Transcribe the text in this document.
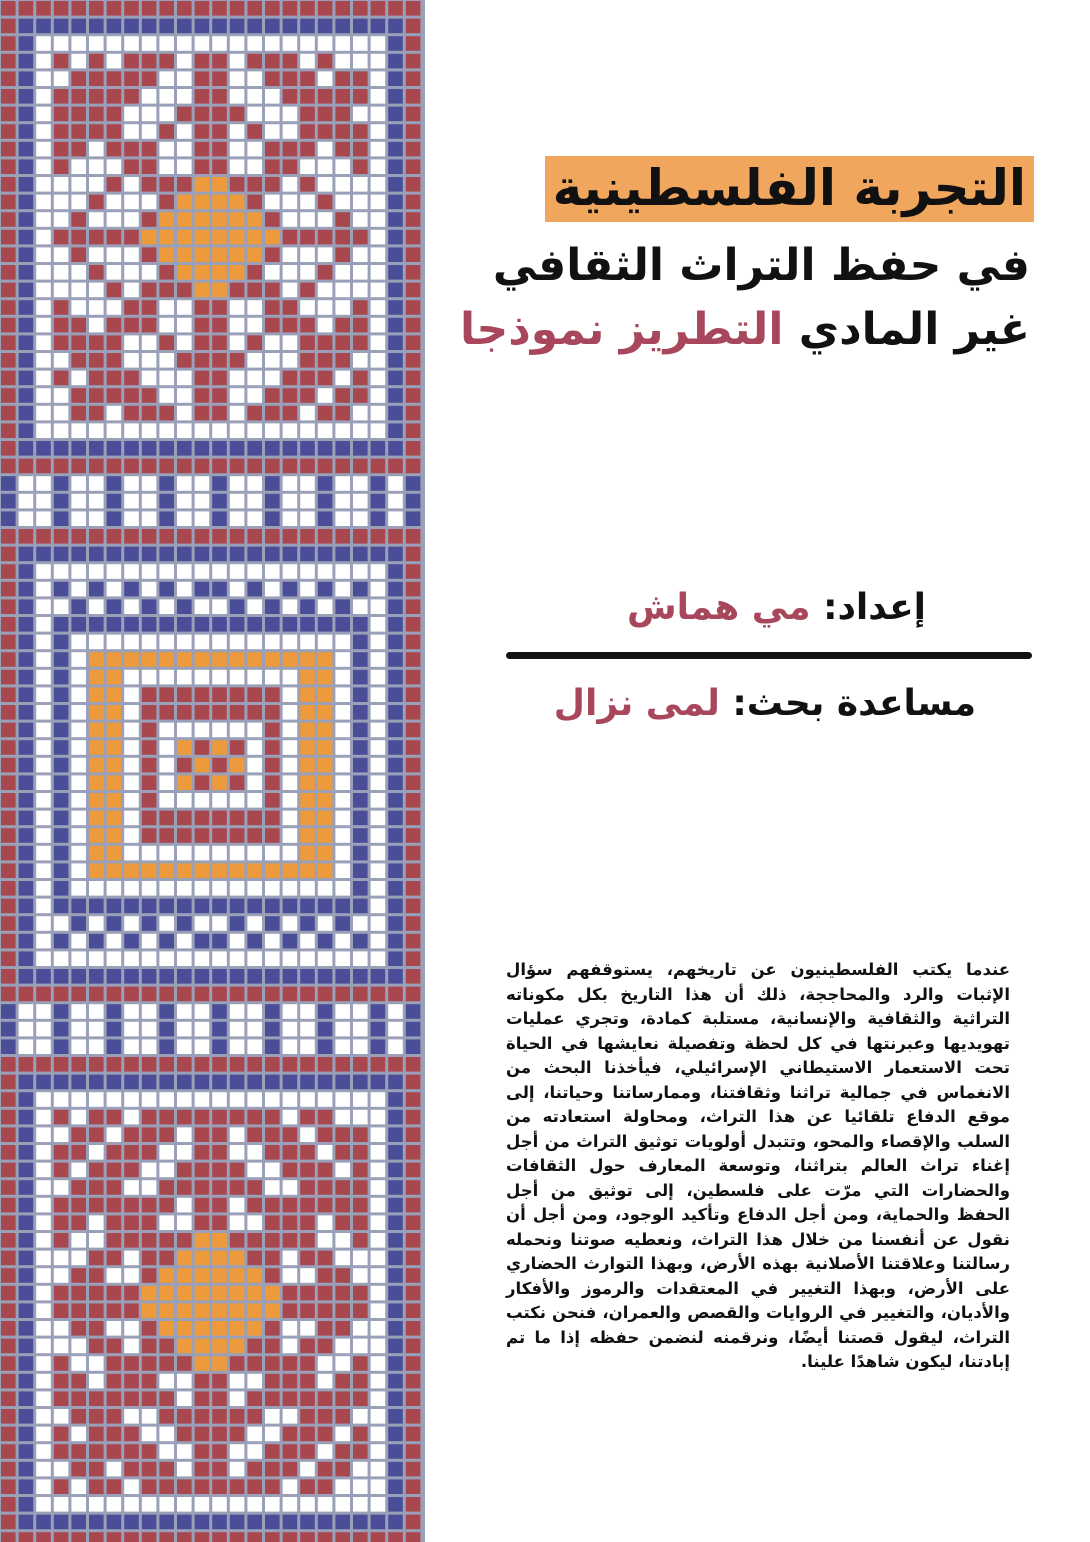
التجربة الفلسطينية
في حفظ التراث الثقافي
غير المادي التطريز نموذجا
إعداد: مي هماش
مساعدة بحث: لمى نزال
عندما يكتب الفلسطينيون عن تاريخهم، يستوقفهم سؤال الإثبات والرد والمحاججة، ذلك أن هذا التاريخ بكل مكوناته التراثية والثقافية والإنسانية، مستلبة كمادة، وتجري عمليات تهويديها وعبرنتها في كل لحظة وتفصيلة نعايشها في الحياة تحت الاستعمار الاستيطاني الإسرائيلي، فيأخذنا البحث من الانغماس في جمالية تراثنا وثقافتنا، وممارساتنا وحياتنا، إلى موقع الدفاع تلقائيا عن هذا التراث، ومحاولة استعادته من السلب والإقصاء والمحو، وتتبدل أولويات توثيق التراث من أجل إغناء تراث العالم بتراثنا، وتوسعة المعارف حول الثقافات والحضارات التي مرّت على فلسطين، إلى توثيق من أجل الحفظ والحماية، ومن أجل الدفاع وتأكيد الوجود، ومن أجل أن نقول عن أنفسنا من خلال هذا التراث، ونعطيه صوتنا ونحمله رسالتنا وعلاقتنا الأصلانية بهذه الأرض، وبهذا التوارث الحضاري على الأرض، وبهذا التغيير في المعتقدات والرموز والأفكار والأديان، والتغيير في الروايات والقصص والعمران، فنحن نكتب التراث، ليقول قصتنا أيضًا، ونرقمنه لنضمن حفظه إذا ما تم إبادتنا، ليكون شاهدًا علينا.
